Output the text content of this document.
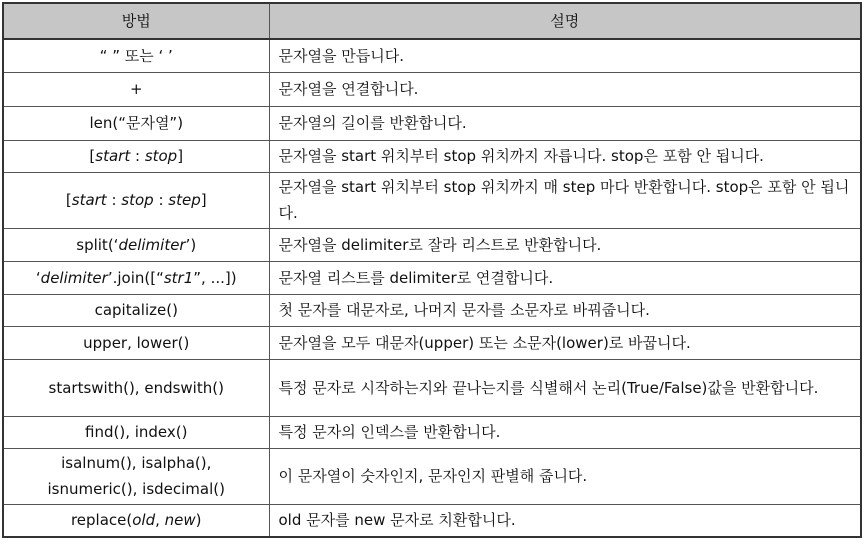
방법	설명
“ ” 또는 ‘ ’	문자열을 만듭니다.
+	문자열을 연결합니다.
len(“문자열”)	문자열의 길이를 반환합니다.
[start : stop]	문자열을 start 위치부터 stop 위치까지 자릅니다. stop은 포함 안 됩니다.
[start : stop : step]	문자열을 start 위치부터 stop 위치까지 매 step 마다 반환합니다. stop은 포함 안 됩니다.
split(‘delimiter’)	문자열을 delimiter로 잘라 리스트로 반환합니다.
‘delimiter’.join([“str1”, ...])	문자열 리스트를 delimiter로 연결합니다.
capitalize()	첫 문자를 대문자로, 나머지 문자를 소문자로 바꿔줍니다.
upper, lower()	문자열을 모두 대문자(upper) 또는 소문자(lower)로 바꿉니다.
startswith(), endswith()	특정 문자로 시작하는지와 끝나는지를 식별해서 논리(True/False)값을 반환합니다.
find(), index()	특정 문자의 인덱스를 반환합니다.
isalnum(), isalpha(),
isnumeric(), isdecimal()	이 문자열이 숫자인지, 문자인지 판별해 줍니다.
replace(old, new)	old 문자를 new 문자로 치환합니다.
